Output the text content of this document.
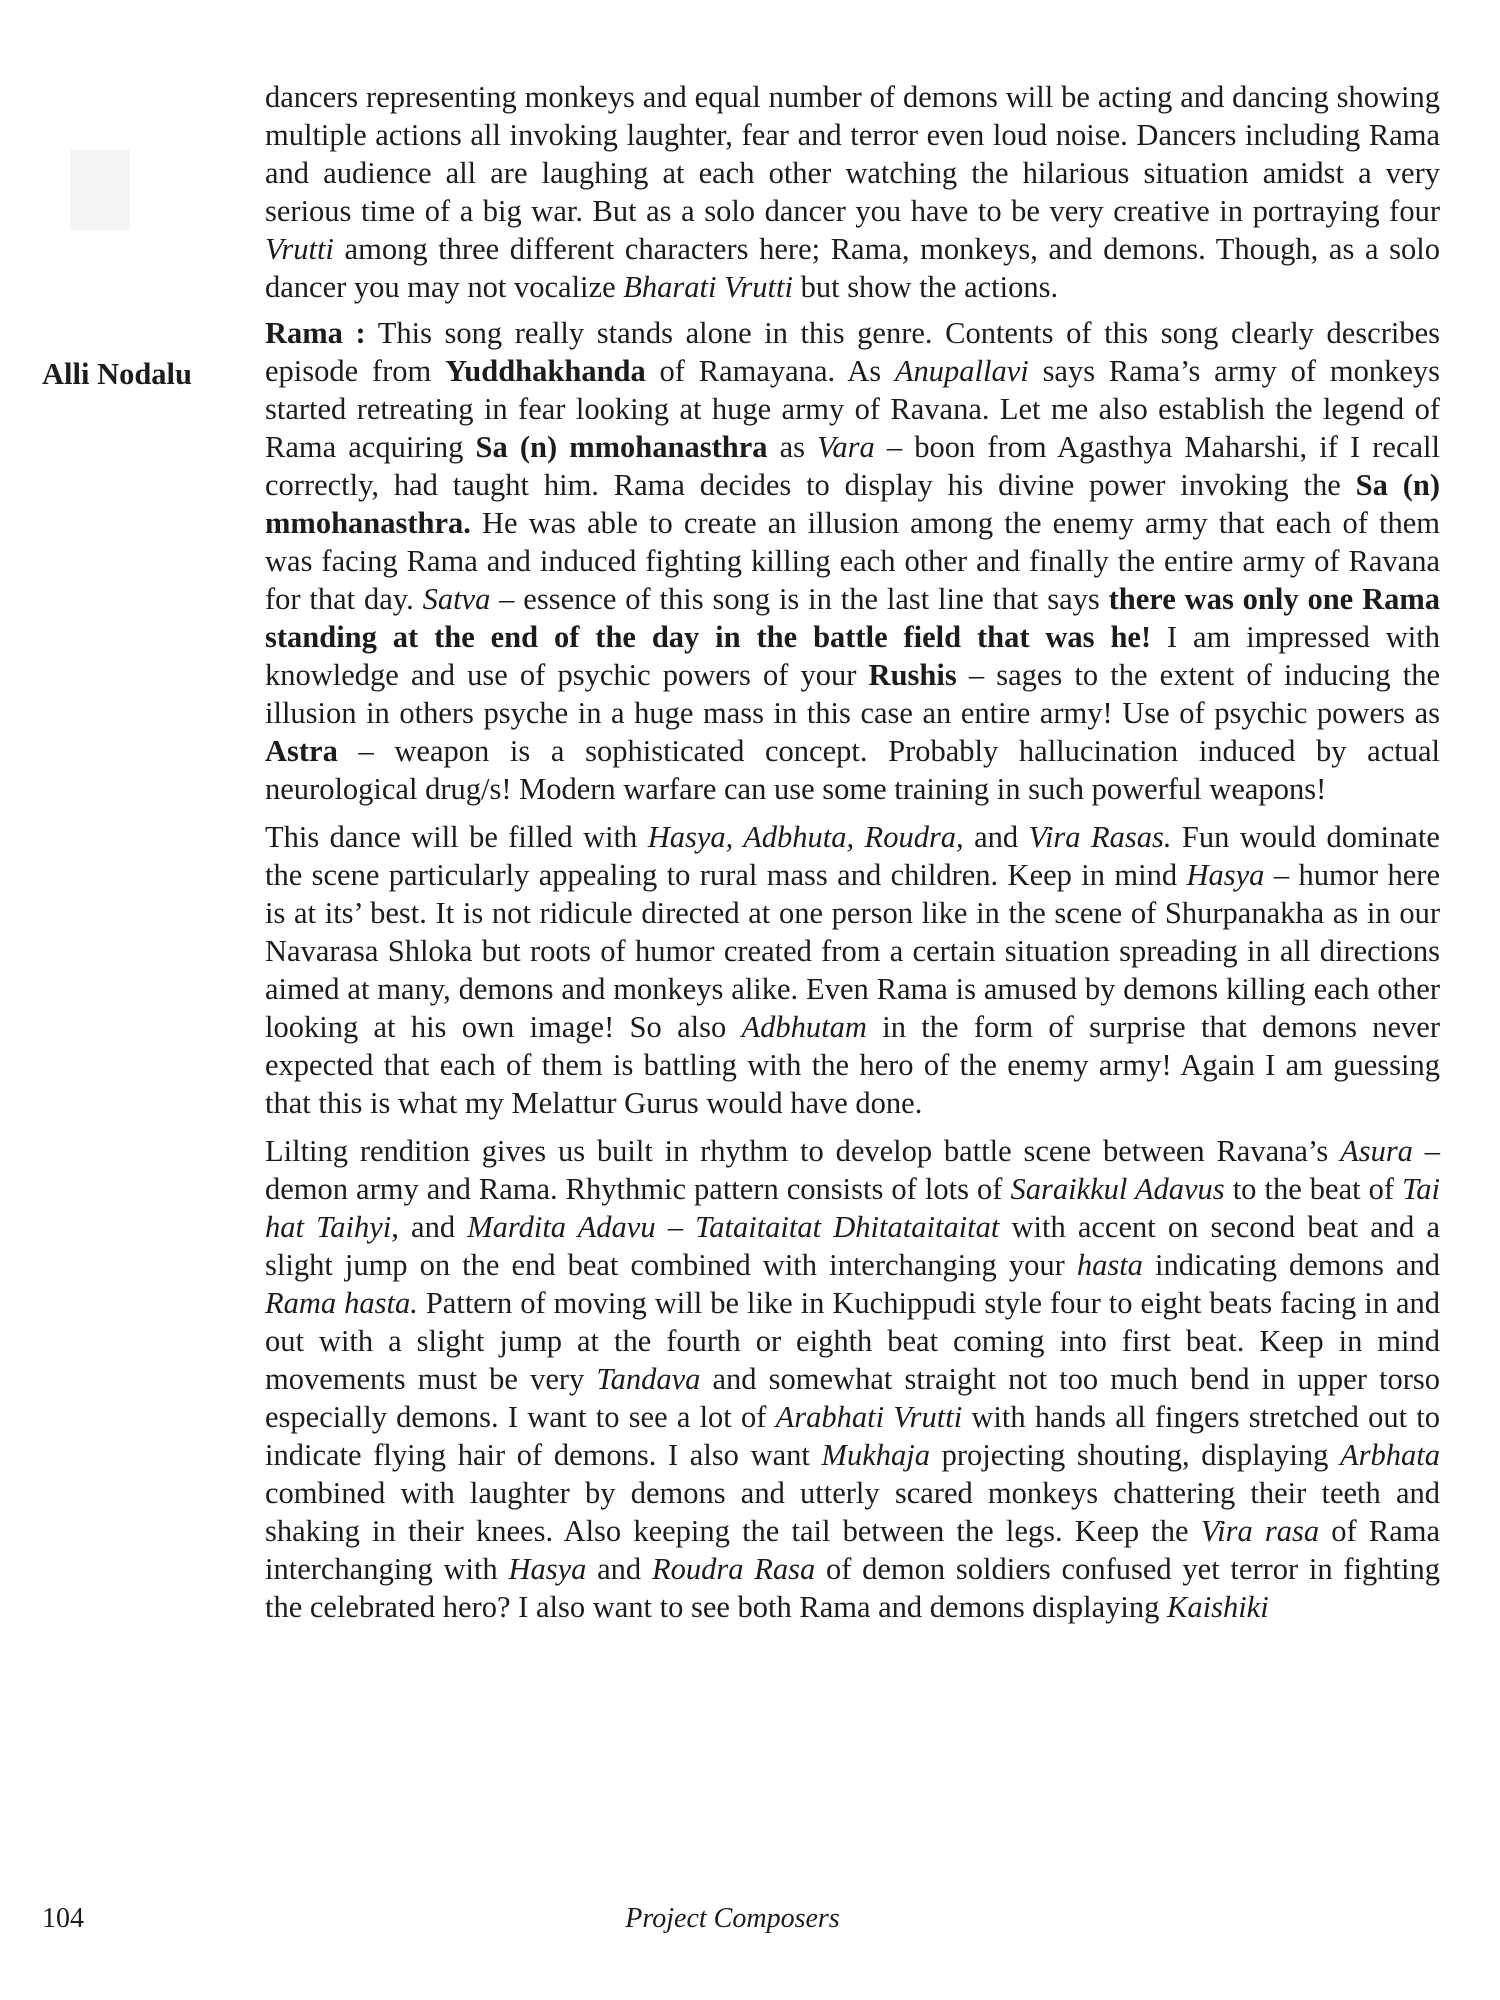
Alli Nodalu

dancers representing monkeys and equal number of demons will be acting and dancing showing multiple actions all invoking laughter, fear and terror even loud noise. Dancers including Rama and audience all are laughing at each other watching the hilarious situation amidst a very serious time of a big war. But as a solo dancer you have to be very creative in portraying four Vrutti among three different characters here; Rama, monkeys, and demons. Though, as a solo dancer you may not vocalize Bharati Vrutti but show the actions.

Rama : This song really stands alone in this genre. Contents of this song clearly describes episode from Yuddhakhanda of Ramayana. As Anupallavi says Rama’s army of monkeys started retreating in fear looking at huge army of Ravana. Let me also establish the legend of Rama acquiring Sa (n) mmohanasthra as Vara – boon from Agasthya Maharshi, if I recall correctly, had taught him. Rama decides to display his divine power invoking the Sa (n) mmohanasthra. He was able to create an illusion among the enemy army that each of them was facing Rama and induced fighting killing each other and finally the entire army of Ravana for that day. Satva – essence of this song is in the last line that says there was only one Rama standing at the end of the day in the battle field that was he! I am impressed with knowledge and use of psychic powers of your Rushis – sages to the extent of inducing the illusion in others psyche in a huge mass in this case an entire army! Use of psychic powers as Astra – weapon is a sophisticated concept. Probably hallucination induced by actual neurological drug/s! Modern warfare can use some training in such powerful weapons!

This dance will be filled with Hasya, Adbhuta, Roudra, and Vira Rasas. Fun would dominate the scene particularly appealing to rural mass and children. Keep in mind Hasya – humor here is at its’ best. It is not ridicule directed at one person like in the scene of Shurpanakha as in our Navarasa Shloka but roots of humor created from a certain situation spreading in all directions aimed at many, demons and monkeys alike. Even Rama is amused by demons killing each other looking at his own image! So also Adbhutam in the form of surprise that demons never expected that each of them is battling with the hero of the enemy army! Again I am guessing that this is what my Melattur Gurus would have done.

Lilting rendition gives us built in rhythm to develop battle scene between Ravana’s Asura – demon army and Rama. Rhythmic pattern consists of lots of Saraikkul Adavus to the beat of Tai hat Taihyi, and Mardita Adavu – Tataitaitat Dhitataitaitat with accent on second beat and a slight jump on the end beat combined with interchanging your hasta indicating demons and Rama hasta. Pattern of moving will be like in Kuchippudi style four to eight beats facing in and out with a slight jump at the fourth or eighth beat coming into first beat. Keep in mind movements must be very Tandava and somewhat straight not too much bend in upper torso especially demons. I want to see a lot of Arabhati Vrutti with hands all fingers stretched out to indicate flying hair of demons. I also want Mukhaja projecting shouting, displaying Arbhata combined with laughter by demons and utterly scared monkeys chattering their teeth and shaking in their knees. Also keeping the tail between the legs. Keep the Vira rasa of Rama interchanging with Hasya and Roudra Rasa of demon soldiers confused yet terror in fighting the celebrated hero? I also want to see both Rama and demons displaying Kaishiki

104	Project Composers
